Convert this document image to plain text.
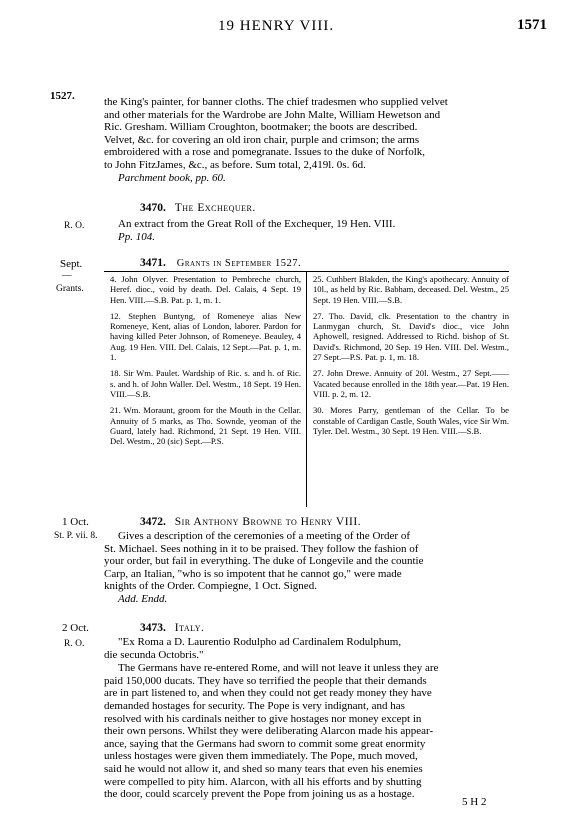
19 HENRY VIII.	1571
1527.	the King's painter, for banner cloths. The chief tradesmen who supplied velvet
and other materials for the Wardrobe are John Malte, William Hewetson and
Ric. Gresham. William Croughton, bootmaker; the boots are described.
Velvet, &c. for covering an old iron chair, purple and crimson; the arms
embroidered with a rose and pomegranate. Issues to the duke of Norfolk,
to John FitzJames, &c., as before. Sum total, 2,419l. 0s. 6d.
Parchment book, pp. 60.
3470. The Exchequer.
R. O.	An extract from the Great Roll of the Exchequer, 19 Hen. VIII.
Pp. 104.
Sept.
—
Grants.
3471. Grants in September 1527.

4. John Olyver. Presentation to Pembreche church, Heref. dioc., void by death. Del. Calais, 4 Sept. 19 Hen. VIII.—S.B. Pat. p. 1, m. 1.

12. Stephen Buntyng, of Romeneye alias New Romeneye, Kent, alias of London, laborer. Pardon for having killed Peter Johnson, of Romeneye. Beauley, 4 Aug. 19 Hen. VIII. Del. Calais, 12 Sept.—Pat. p. 1, m. 1.

18. Sir Wm. Paulet. Wardship of Ric. s. and h. of Ric. s. and h. of John Waller. Del. Westm., 18 Sept. 19 Hen. VIII.—S.B.

21. Wm. Moraunt, groom for the Mouth in the Cellar. Annuity of 5 marks, as Tho. Sownde, yeoman of the Guard, lately had. Richmond, 21 Sept. 19 Hen. VIII. Del. Westm., 20 (sic) Sept.—P.S.

25. Cuthbert Blakden, the King's apothecary. Annuity of 10l., as held by Ric. Babham, deceased. Del. Westm., 25 Sept. 19 Hen. VIII.—S.B.

27. Tho. David, clk. Presentation to the chantry in Lanmygan church, St. David's dioc., vice John Aphowell, resigned. Addressed to Richd. bishop of St. David's. Richmond, 20 Sep. 19 Hen. VIII. Del. Westm., 27 Sept.—P.S. Pat. p. 1, m. 18.

27. John Drewe. Annuity of 20l. Westm., 27 Sept.——Vacated because enrolled in the 18th year.—Pat. 19 Hen. VIII. p. 2, m. 12.

30. Mores Parry, gentleman of the Cellar. To be constable of Cardigan Castle, South Wales, vice Sir Wm. Tyler. Del. Westm., 30 Sept. 19 Hen. VIII.—S.B.

1 Oct.	3472. Sir Anthony Browne to Henry VIII.
St. P. vii. 8.	Gives a description of the ceremonies of a meeting of the Order of
St. Michael. Sees nothing in it to be praised. They follow the fashion of
your order, but fail in everything. The duke of Longevile and the countie
Carp, an Italian, "who is so impotent that he cannot go," were made
knights of the Order. Compiegne, 1 Oct. Signed.
Add. Endd.
2 Oct.	3473. Italy.
R. O.	"Ex Roma a D. Laurentio Rodulpho ad Cardinalem Rodulphum,
die secunda Octobris."
The Germans have re-entered Rome, and will not leave it unless they are
paid 150,000 ducats. They have so terrified the people that their demands
are in part listened to, and when they could not get ready money they have
demanded hostages for security. The Pope is very indignant, and has
resolved with his cardinals neither to give hostages nor money except in
their own persons. Whilst they were deliberating Alarcon made his appear-
ance, saying that the Germans had sworn to commit some great enormity
unless hostages were given them immediately. The Pope, much moved,
said he would not allow it, and shed so many tears that even his enemies
were compelled to pity him. Alarcon, with all his efforts and by shutting
the door, could scarcely prevent the Pope from joining us as a hostage.
5 H 2
